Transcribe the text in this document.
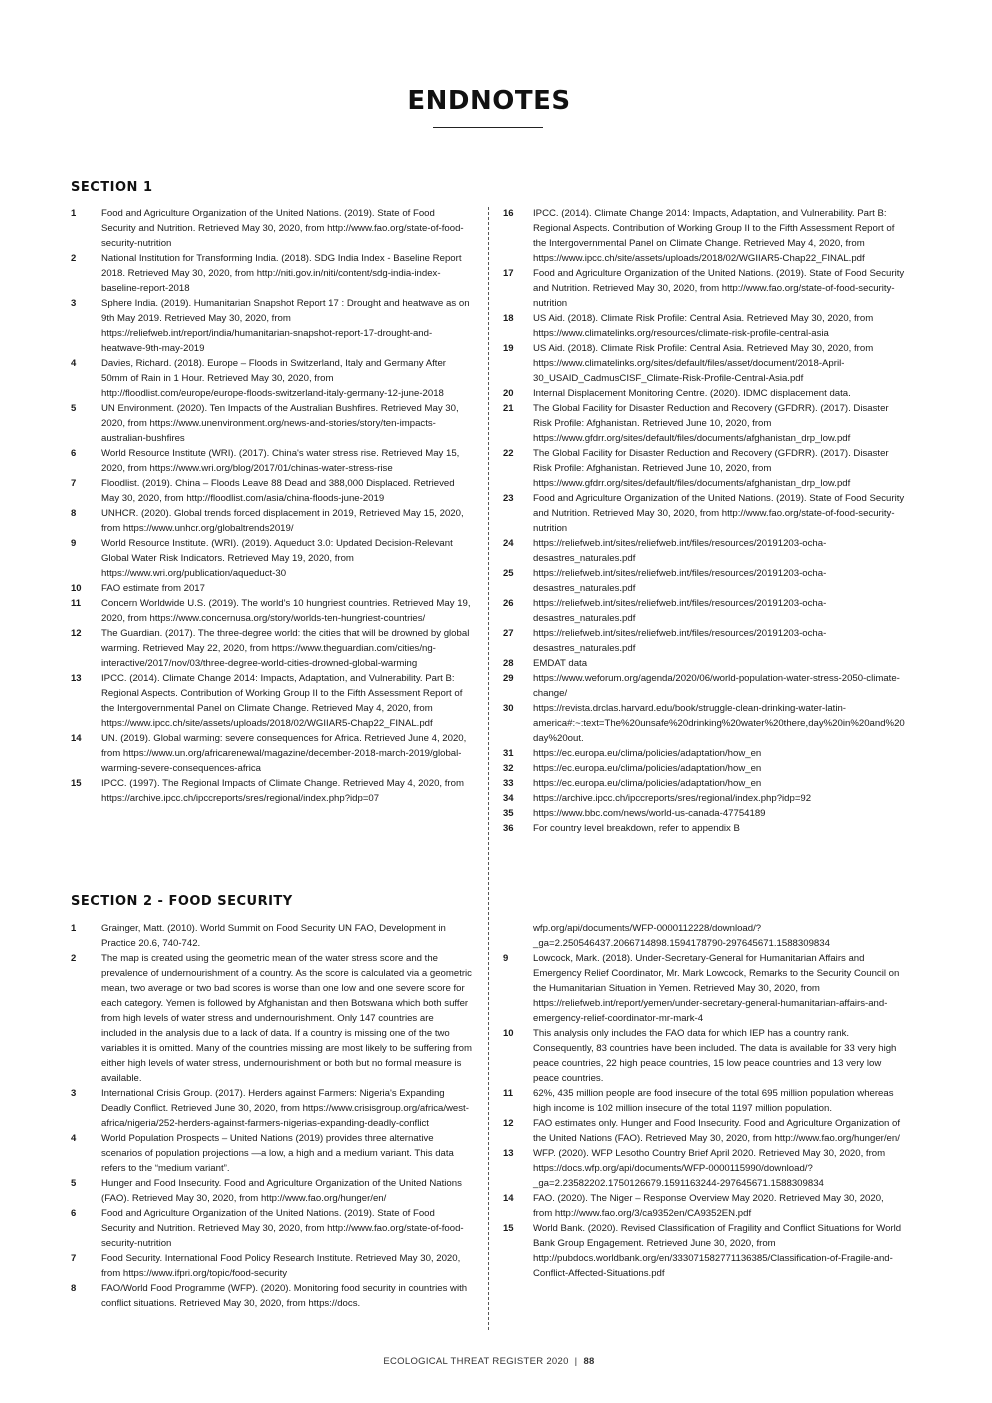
ENDNOTES
SECTION 1
1	Food and Agriculture Organization of the United Nations. (2019). State of Food Security and Nutrition. Retrieved May 30, 2020, from http://www.fao.org/state-of-food-security-nutrition
2	National Institution for Transforming India. (2018). SDG India Index - Baseline Report 2018. Retrieved May 30, 2020, from http://niti.gov.in/niti/content/sdg-india-index-baseline-report-2018
3	Sphere India. (2019). Humanitarian Snapshot Report 17 : Drought and heatwave as on 9th May 2019. Retrieved May 30, 2020, from https://reliefweb.int/report/india/humanitarian-snapshot-report-17-drought-and-heatwave-9th-may-2019
4	Davies, Richard. (2018). Europe – Floods in Switzerland, Italy and Germany After 50mm of Rain in 1 Hour. Retrieved May 30, 2020, from http://floodlist.com/europe/europe-floods-switzerland-italy-germany-12-june-2018
5	UN Environment. (2020). Ten Impacts of the Australian Bushfires. Retrieved May 30, 2020, from https://www.unenvironment.org/news-and-stories/story/ten-impacts-australian-bushfires
6	World Resource Institute (WRI). (2017). China's water stress rise. Retrieved May 15, 2020, from https://www.wri.org/blog/2017/01/chinas-water-stress-rise
7	Floodlist. (2019). China – Floods Leave 88 Dead and 388,000 Displaced. Retrieved May 30, 2020, from http://floodlist.com/asia/china-floods-june-2019
8	UNHCR. (2020). Global trends forced displacement in 2019, Retrieved May 15, 2020, from https://www.unhcr.org/globaltrends2019/
9	World Resource Institute. (WRI). (2019). Aqueduct 3.0: Updated Decision-Relevant Global Water Risk Indicators. Retrieved May 19, 2020, from https://www.wri.org/publication/aqueduct-30
10	FAO estimate from 2017
11	Concern Worldwide U.S. (2019). The world’s 10 hungriest countries. Retrieved May 19, 2020, from https://www.concernusa.org/story/worlds-ten-hungriest-countries/
12	The Guardian. (2017). The three-degree world: the cities that will be drowned by global warming. Retrieved May 22, 2020, from https://www.theguardian.com/cities/ng-interactive/2017/nov/03/three-degree-world-cities-drowned-global-warming
13	IPCC. (2014). Climate Change 2014: Impacts, Adaptation, and Vulnerability. Part B: Regional Aspects. Contribution of Working Group II to the Fifth Assessment Report of the Intergovernmental Panel on Climate Change. Retrieved May 4, 2020, from https://www.ipcc.ch/site/assets/uploads/2018/02/WGIIAR5-Chap22_FINAL.pdf
14	UN. (2019). Global warming: severe consequences for Africa. Retrieved June 4, 2020, from https://www.un.org/africarenewal/magazine/december-2018-march-2019/global-warming-severe-consequences-africa
15	IPCC. (1997). The Regional Impacts of Climate Change. Retrieved May 4, 2020, from https://archive.ipcc.ch/ipccreports/sres/regional/index.php?idp=07
16	IPCC. (2014). Climate Change 2014: Impacts, Adaptation, and Vulnerability. Part B: Regional Aspects. Contribution of Working Group II to the Fifth Assessment Report of the Intergovernmental Panel on Climate Change. Retrieved May 4, 2020, from https://www.ipcc.ch/site/assets/uploads/2018/02/WGIIAR5-Chap22_FINAL.pdf
17	Food and Agriculture Organization of the United Nations. (2019). State of Food Security and Nutrition. Retrieved May 30, 2020, from http://www.fao.org/state-of-food-security-nutrition
18	US Aid. (2018). Climate Risk Profile: Central Asia. Retrieved May 30, 2020, from https://www.climatelinks.org/resources/climate-risk-profile-central-asia
19	US Aid. (2018). Climate Risk Profile: Central Asia. Retrieved May 30, 2020, from https://www.climatelinks.org/sites/default/files/asset/document/2018-April-30_USAID_CadmusCISF_Climate-Risk-Profile-Central-Asia.pdf
20	Internal Displacement Monitoring Centre. (2020). IDMC displacement data.
21	The Global Facility for Disaster Reduction and Recovery (GFDRR). (2017). Disaster Risk Profile: Afghanistan. Retrieved June 10, 2020, from https://www.gfdrr.org/sites/default/files/documents/afghanistan_drp_low.pdf
22	The Global Facility for Disaster Reduction and Recovery (GFDRR). (2017). Disaster Risk Profile: Afghanistan. Retrieved June 10, 2020, from https://www.gfdrr.org/sites/default/files/documents/afghanistan_drp_low.pdf
23	Food and Agriculture Organization of the United Nations. (2019). State of Food Security and Nutrition. Retrieved May 30, 2020, from http://www.fao.org/state-of-food-security-nutrition
24	https://reliefweb.int/sites/reliefweb.int/files/resources/20191203-ocha-desastres_naturales.pdf
25	https://reliefweb.int/sites/reliefweb.int/files/resources/20191203-ocha-desastres_naturales.pdf
26	https://reliefweb.int/sites/reliefweb.int/files/resources/20191203-ocha-desastres_naturales.pdf
27	https://reliefweb.int/sites/reliefweb.int/files/resources/20191203-ocha-desastres_naturales.pdf
28	EMDAT data
29	https://www.weforum.org/agenda/2020/06/world-population-water-stress-2050-climate-change/
30	https://revista.drclas.harvard.edu/book/struggle-clean-drinking-water-latin-america#:~:text=The%20unsafe%20drinking%20water%20there,day%20in%20and%20day%20out.
31	https://ec.europa.eu/clima/policies/adaptation/how_en
32	https://ec.europa.eu/clima/policies/adaptation/how_en
33	https://ec.europa.eu/clima/policies/adaptation/how_en
34	https://archive.ipcc.ch/ipccreports/sres/regional/index.php?idp=92
35	https://www.bbc.com/news/world-us-canada-47754189
36	For country level breakdown, refer to appendix B
SECTION 2 - FOOD SECURITY
1	Grainger, Matt. (2010). World Summit on Food Security UN FAO, Development in Practice 20.6, 740-742.
2	The map is created using the geometric mean of the water stress score and the prevalence of undernourishment of a country. As the score is calculated via a geometric mean, two average or two bad scores is worse than one low and one severe score for each category. Yemen is followed by Afghanistan and then Botswana which both suffer from high levels of water stress and undernourishment. Only 147 countries are included in the analysis due to a lack of data. If a country is missing one of the two variables it is omitted. Many of the countries missing are most likely to be suffering from either high levels of water stress, undernourishment or both but no formal measure is available.
3	International Crisis Group. (2017). Herders against Farmers: Nigeria's Expanding Deadly Conflict. Retrieved June 30, 2020, from https://www.crisisgroup.org/africa/west-africa/nigeria/252-herders-against-farmers-nigerias-expanding-deadly-conflict
4	World Population Prospects – United Nations (2019) provides three alternative scenarios of population projections —a low, a high and a medium variant. This data refers to the “medium variant”.
5	Hunger and Food Insecurity. Food and Agriculture Organization of the United Nations (FAO). Retrieved May 30, 2020, from http://www.fao.org/hunger/en/
6	Food and Agriculture Organization of the United Nations. (2019). State of Food Security and Nutrition. Retrieved May 30, 2020, from http://www.fao.org/state-of-food-security-nutrition
7	Food Security. International Food Policy Research Institute. Retrieved May 30, 2020, from https://www.ifpri.org/topic/food-security
8	FAO/World Food Programme (WFP). (2020). Monitoring food security in countries with conflict situations. Retrieved May 30, 2020, from https://docs.
wfp.org/api/documents/WFP-0000112228/download/?_ga=2.250546437.2066714898.1594178790-297645671.1588309834
9	Lowcock, Mark. (2018). Under-Secretary-General for Humanitarian Affairs and Emergency Relief Coordinator, Mr. Mark Lowcock, Remarks to the Security Council on the Humanitarian Situation in Yemen. Retrieved May 30, 2020, from https://reliefweb.int/report/yemen/under-secretary-general-humanitarian-affairs-and-emergency-relief-coordinator-mr-mark-4
10	This analysis only includes the FAO data for which IEP has a country rank. Consequently, 83 countries have been included. The data is available for 33 very high peace countries, 22 high peace countries, 15 low peace countries and 13 very low peace countries.
11	62%, 435 million people are food insecure of the total 695 million population whereas high income is 102 million insecure of the total 1197 million population.
12	FAO estimates only. Hunger and Food Insecurity. Food and Agriculture Organization of the United Nations (FAO). Retrieved May 30, 2020, from http://www.fao.org/hunger/en/
13	WFP. (2020). WFP Lesotho Country Brief April 2020. Retrieved May 30, 2020, from https://docs.wfp.org/api/documents/WFP-0000115990/download/?_ga=2.23582202.1750126679.1591163244-297645671.1588309834
14	FAO. (2020). The Niger – Response Overview May 2020. Retrieved May 30, 2020, from http://www.fao.org/3/ca9352en/CA9352EN.pdf
15	World Bank. (2020). Revised Classification of Fragility and Conflict Situations for World Bank Group Engagement. Retrieved June 30, 2020, from http://pubdocs.worldbank.org/en/333071582771136385/Classification-of-Fragile-and-Conflict-Affected-Situations.pdf
ECOLOGICAL THREAT REGISTER 2020 | 88
